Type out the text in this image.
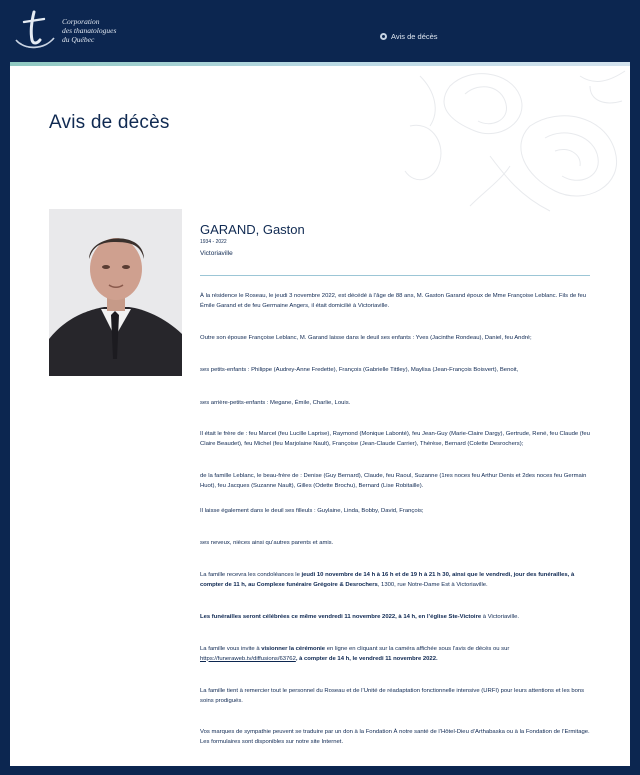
Corporation
des thanatologues
du Québec	Avis de décès
Avis de décès
GARAND, Gaston
1934 - 2022
Victoriaville

À la résidence le Roseau, le jeudi 3 novembre 2022, est décédé à l’âge de 88 ans, M. Gaston Garand époux de Mme Françoise Leblanc. Fils de feu Émile Garand et de feu Germaine Angers, il était domicilié à Victoriaville.

Outre son épouse Françoise Leblanc, M. Garand laisse dans le deuil ses enfants : Yves (Jacinthe Rondeau), Daniel, feu André;

ses petits-enfants : Philippe (Audrey-Anne Fredette), François (Gabrielle Tittley), Maylisa (Jean-François Boisvert), Benoit,

ses arrière-petits-enfants : Megane, Émile, Charlie, Louis.

Il était le frère de : feu Marcel (feu Lucille Laprise), Raymond (Monique Labonté), feu Jean-Guy (Marie-Claire Dargy), Gertrude, René, feu Claude (feu Claire Beaudet), feu Michel (feu Marjolaine Nault), Françoise (Jean-Claude Carrier), Thérèse, Bernard (Colette Desrochers);

de la famille Leblanc, le beau-frère de : Denise (Guy Bernard), Claude, feu Raoul, Suzanne (1res noces feu Arthur Denis et 2des noces feu Germain Huot), feu Jacques (Suzanne Nault), Gilles (Odette Brochu), Bernard (Lise Robitaille).

Il laisse également dans le deuil ses filleuls : Guylaine, Linda, Bobby, David, François;

ses neveux, nièces ainsi qu’autres parents et amis.

La famille recevra les condoléances le jeudi 10 novembre de 14 h à 16 h et de 19 h à 21 h 30, ainsi que le vendredi, jour des funérailles, à compter de 11 h, au Complexe funéraire Grégoire & Desrochers, 1300, rue Notre-Dame Est à Victoriaville.

Les funérailles seront célébrées ce même vendredi 11 novembre 2022, à 14 h, en l’église Ste-Victoire à Victoriaville.

La famille vous invite à visionner la cérémonie en ligne en cliquant sur la caméra affichée sous l’avis de décès ou sur https://funeraweb.tv/diffusions/63762, à compter de 14 h, le vendredi 11 novembre 2022.

La famille tient à remercier tout le personnel du Roseau et de l’Unité de réadaptation fonctionnelle intensive (URFI) pour leurs attentions et les bons soins prodigués.

Vos marques de sympathie peuvent se traduire par un don à la Fondation À notre santé de l’Hôtel-Dieu d’Arthabaska ou à la Fondation de l’Ermitage. Les formulaires sont disponibles sur notre site Internet.
